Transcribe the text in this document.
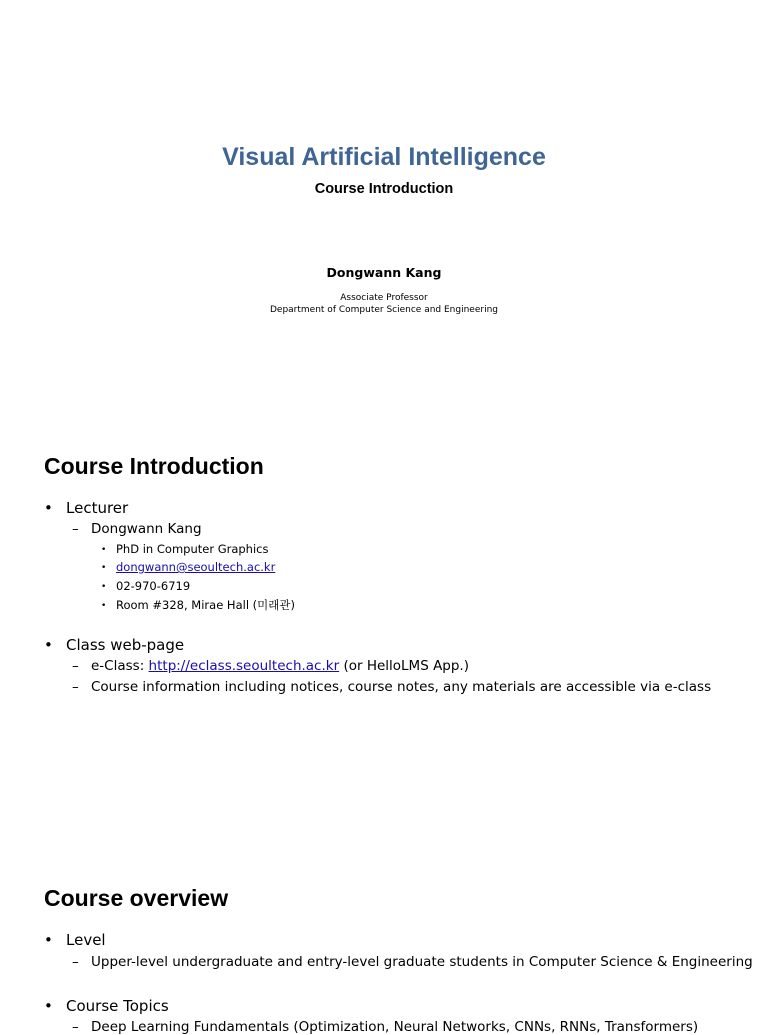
Visual Artificial Intelligence
Course Introduction
Dongwann Kang
Associate Professor
Department of Computer Science and Engineering
Course Introduction
• Lecturer
– Dongwann Kang
• PhD in Computer Graphics
• dongwann@seoultech.ac.kr
• 02-970-6719
• Room #328, Mirae Hall (미래관)
• Class web-page
– e-Class: http://eclass.seoultech.ac.kr (or HelloLMS App.)
– Course information including notices, course notes, any materials are accessible via e-class
Course overview
• Level
– Upper-level undergraduate and entry-level graduate students in Computer Science & Engineering
• Course Topics
– Deep Learning Fundamentals (Optimization, Neural Networks, CNNs, RNNs, Transformers)
